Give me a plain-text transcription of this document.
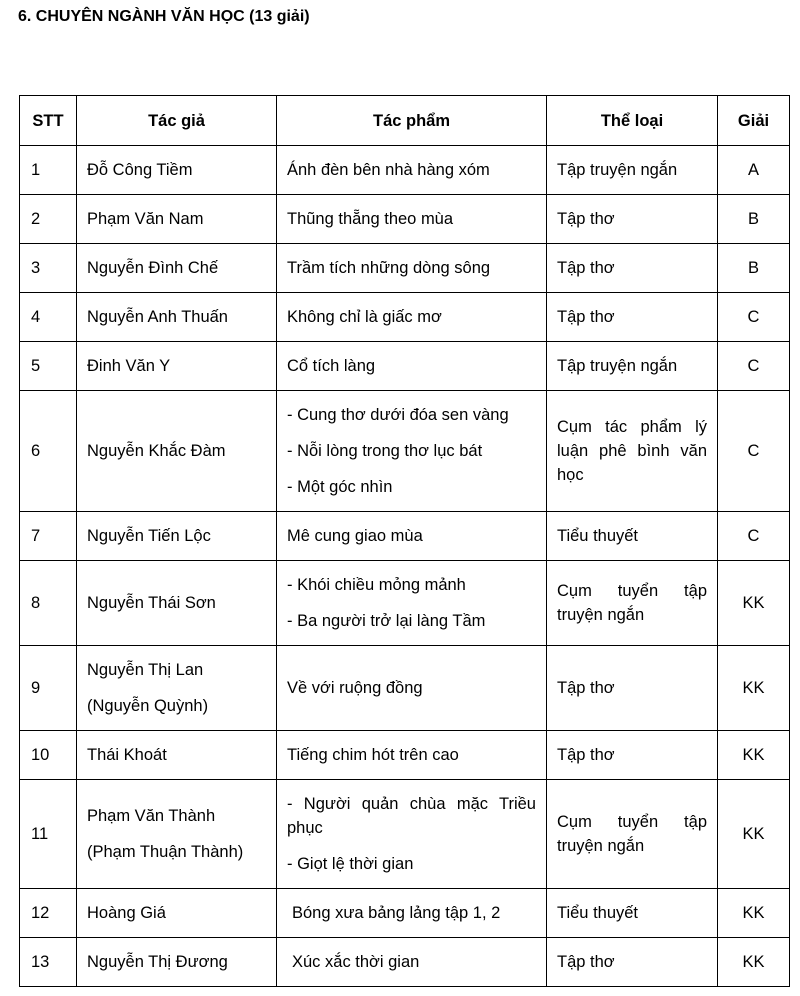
6. CHUYÊN NGÀNH VĂN HỌC (13 giải)
STT	Tác giả	Tác phẩm	Thể loại	Giải
1	Đỗ Công Tiềm	Ánh đèn bên nhà hàng xóm	Tập truyện ngắn	A
2	Phạm Văn Nam	Thũng thẵng theo mùa	Tập thơ	B
3	Nguyễn Đình Chế	Trầm tích những dòng sông	Tập thơ	B
4	Nguyễn Anh Thuấn	Không chỉ là giấc mơ	Tập thơ	C
5	Đinh Văn Y	Cổ tích làng	Tập truyện ngắn	C
6	Nguyễn Khắc Đàm	- Cung thơ dưới đóa sen vàng
- Nỗi lòng trong thơ lục bát
- Một góc nhìn	Cụm tác phẩm lý luận phê bình văn học	C
7	Nguyễn Tiến Lộc	Mê cung giao mùa	Tiểu thuyết	C
8	Nguyễn Thái Sơn	- Khói chiều mỏng mảnh
- Ba người trở lại làng Tầm	Cụm tuyển tập truyện ngắn	KK
9	Nguyễn Thị Lan
(Nguyễn Quỳnh)	Về với ruộng đồng	Tập thơ	KK
10	Thái Khoát	Tiếng chim hót trên cao	Tập thơ	KK
11	Phạm Văn Thành
(Phạm Thuận Thành)	- Người quản chùa mặc Triều phục
- Giọt lệ thời gian	Cụm tuyển tập truyện ngắn	KK
12	Hoàng Giá	Bóng xưa bảng lảng tập 1, 2	Tiểu thuyết	KK
13	Nguyễn Thị Đương	Xúc xắc thời gian	Tập thơ	KK
